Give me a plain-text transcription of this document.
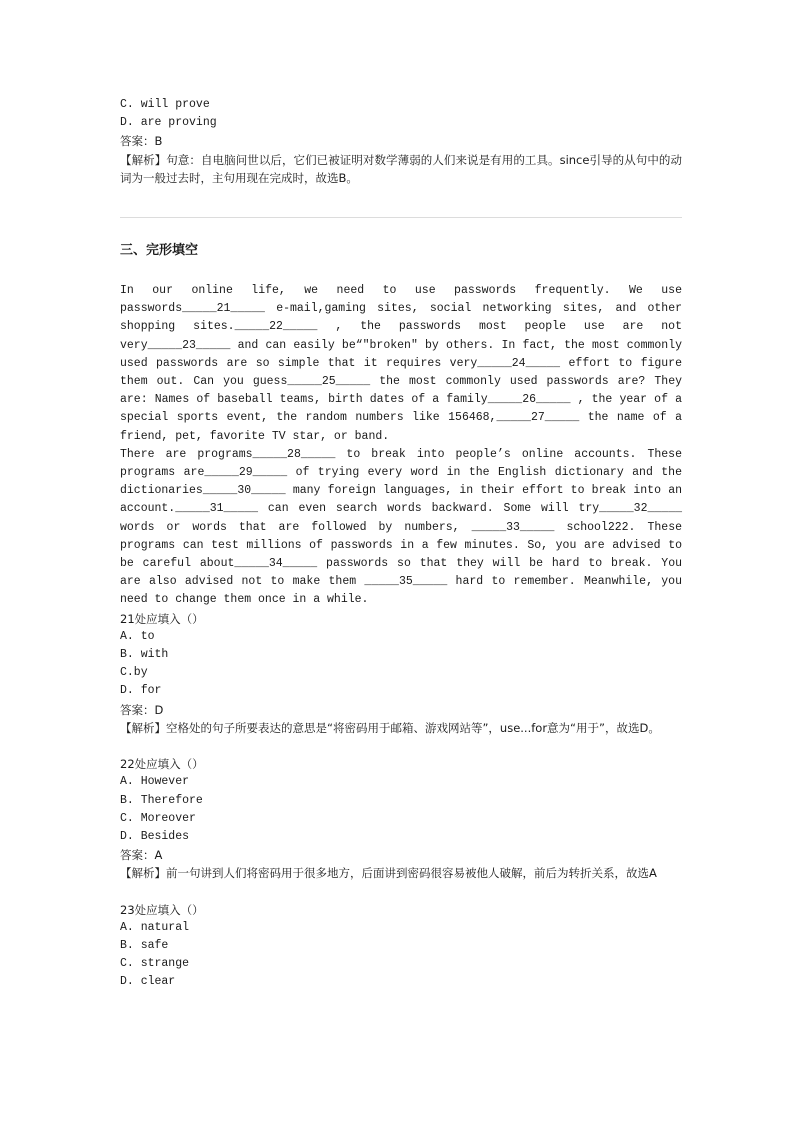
C. will prove

D. are proving

答案：B

【解析】句意：自电脑问世以后，它们已被证明对数学薄弱的人们来说是有用的工具。since引导的从句中的动词为一般过去时，主句用现在完成时，故选B。

三、完形填空

In our online life, we need to use passwords frequently. We use passwords_____21_____ e-mail,gaming sites, social networking sites, and other shopping sites._____22_____ , the passwords most people use are not very_____23_____ and can easily be“"broken" by others. In fact, the most commonly used passwords are so simple that it requires very_____24_____ effort to figure them out. Can you guess_____25_____ the most commonly used passwords are? They are: Names of baseball teams, birth dates of a family_____26_____ , the year of a special sports event, the random numbers like 156468,_____27_____ the name of a friend, pet, favorite TV star, or band.

There are programs_____28_____ to break into people’s online accounts. These programs are_____29_____ of trying every word in the English dictionary and the dictionaries_____30_____ many foreign languages, in their effort to break into an account._____31_____ can even search words backward. Some will try_____32_____ words or words that are followed by numbers, _____33_____ school222. These programs can test millions of passwords in a few minutes. So, you are advised to be careful about_____34_____ passwords so that they will be hard to break. You are also advised not to make them _____35_____ hard to remember. Meanwhile, you need to change them once in a while.

21处应填入（）

A. to

B. with

C.by

D. for

答案：D

【解析】空格处的句子所要表达的意思是“将密码用于邮箱、游戏网站等”，use...for意为“用于”，故选D。

22处应填入（）

A. However

B. Therefore

C. Moreover

D. Besides

答案：A

【解析】前一句讲到人们将密码用于很多地方，后面讲到密码很容易被他人破解，前后为转折关系，故选A

23处应填入（）

A. natural

B. safe

C. strange

D. clear
